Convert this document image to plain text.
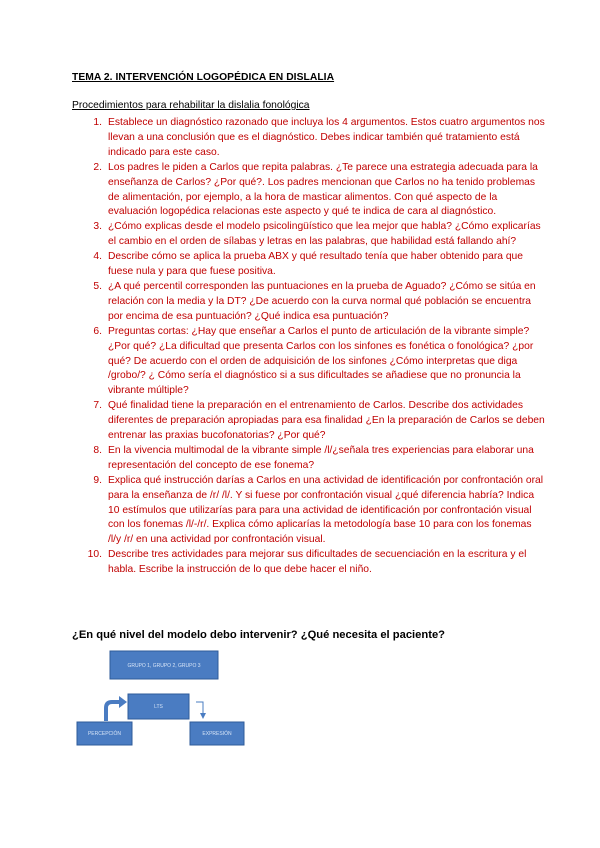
TEMA 2. INTERVENCIÓN LOGOPÉDICA EN DISLALIA
Procedimientos para rehabilitar la dislalia fonológica
1. Establece un diagnóstico razonado que incluya los 4 argumentos. Estos cuatro argumentos nos llevan a una conclusión que es el diagnóstico. Debes indicar también qué tratamiento está indicado para este caso.
2. Los padres le piden a Carlos que repita palabras. ¿Te parece una estrategia adecuada para la enseñanza de Carlos? ¿Por qué?. Los padres mencionan que Carlos no ha tenido problemas de alimentación, por ejemplo, a la hora de masticar alimentos. Con qué aspecto de la evaluación logopédica relacionas este aspecto y qué te indica de cara al diagnóstico.
3. ¿Cómo explicas desde el modelo psicolingüístico que lea mejor que habla? ¿Cómo explicarías el cambio en el orden de sílabas y letras en las palabras, que habilidad está fallando ahí?
4. Describe cómo se aplica la prueba ABX y qué resultado tenía que haber obtenido para que fuese nula y para que fuese positiva.
5. ¿A qué percentil corresponden las puntuaciones en la prueba de Aguado? ¿Cómo se sitúa en relación con la media y la DT? ¿De acuerdo con la curva normal qué población se encuentra por encima de esa puntuación? ¿Qué indica esa puntuación?
6. Preguntas cortas: ¿Hay que enseñar a Carlos el punto de articulación de la vibrante simple? ¿Por qué? ¿La dificultad que presenta Carlos con los sinfones es fonética o fonológica? ¿por qué? De acuerdo con el orden de adquisición de los sinfones ¿Cómo interpretas que diga /grobo/? ¿ Cómo sería el diagnóstico si a sus dificultades se añadiese que no pronuncia la vibrante múltiple?
7. Qué finalidad tiene la preparación en el entrenamiento de Carlos. Describe dos actividades diferentes de preparación apropiadas para esa finalidad ¿En la preparación de Carlos se deben entrenar las praxias bucofonatorias? ¿Por qué?
8. En la vivencia multimodal de la vibrante simple /l/¿señala tres experiencias para elaborar una representación del concepto de ese fonema?
9. Explica qué instrucción darías a Carlos en una actividad de identificación por confrontación oral para la enseñanza de /r/ /l/. Y si fuese por confrontación visual ¿qué diferencia habría? Indica 10 estímulos que utilizarías para para una actividad de identificación por confrontación visual con los fonemas /l/-/r/. Explica cómo aplicarías la metodología base 10 para con los fonemas /l/y /r/ en una actividad por confrontación visual.
10. Describe tres actividades para mejorar sus dificultades de secuenciación en la escritura y el habla. Escribe la instrucción de lo que debe hacer el niño.
¿En qué nivel del modelo debo intervenir? ¿Qué necesita el paciente?
GRUPO 1, GRUPO 2, GRUPO 3
LTS
PERCEPCIÓN	EXPRESIÓN
